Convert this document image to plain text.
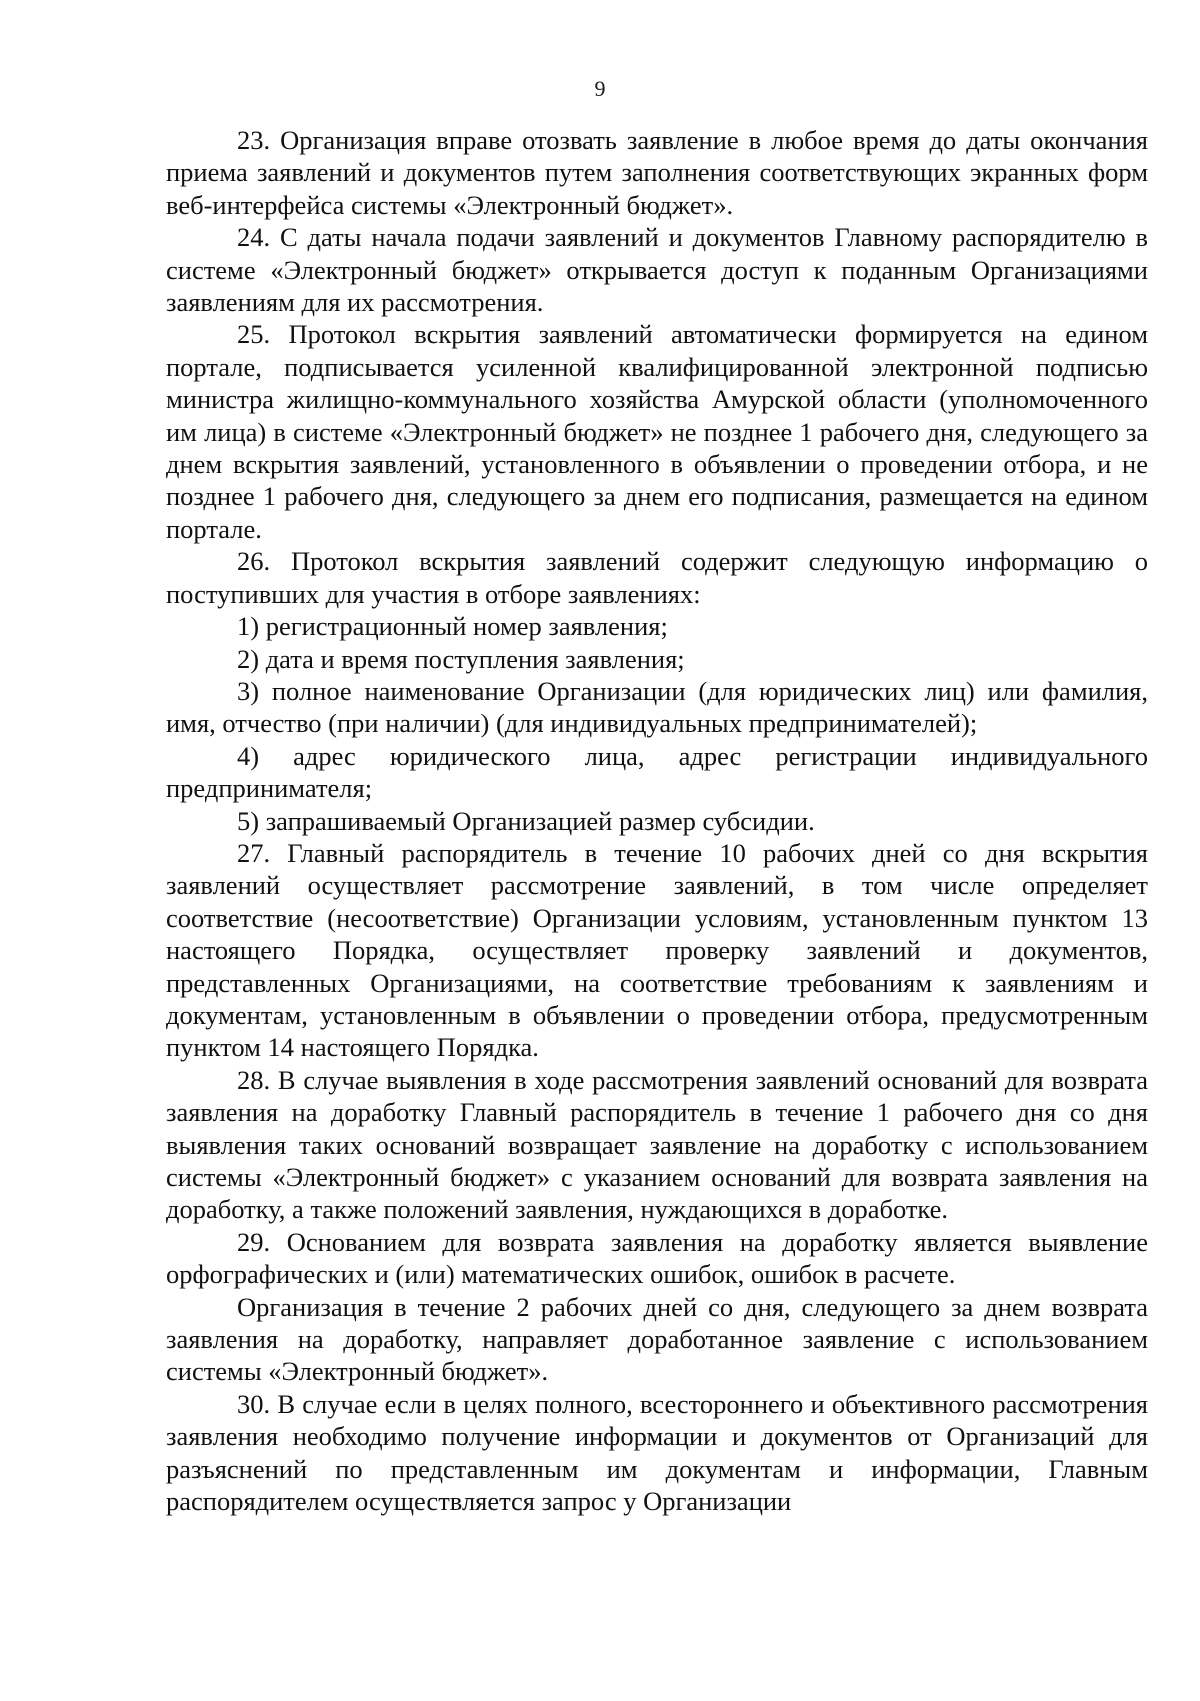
9

23. Организация вправе отозвать заявление в любое время до даты окончания приема заявлений и документов путем заполнения соответствующих экранных форм веб-интерфейса системы «Электронный бюджет».

24. С даты начала подачи заявлений и документов Главному распорядителю в системе «Электронный бюджет» открывается доступ к поданным Организациями заявлениям для их рассмотрения.

25. Протокол вскрытия заявлений автоматически формируется на едином портале, подписывается усиленной квалифицированной электронной подписью министра жилищно-коммунального хозяйства Амурской области (уполномоченного им лица) в системе «Электронный бюджет» не позднее 1 рабочего дня, следующего за днем вскрытия заявлений, установленного в объявлении о проведении отбора, и не позднее 1 рабочего дня, следующего за днем его подписания, размещается на едином портале.

26. Протокол вскрытия заявлений содержит следующую информацию о поступивших для участия в отборе заявлениях:

1) регистрационный номер заявления;

2) дата и время поступления заявления;

3) полное наименование Организации (для юридических лиц) или фамилия, имя, отчество (при наличии) (для индивидуальных предпринимателей);

4) адрес юридического лица, адрес регистрации индивидуального предпринимателя;

5) запрашиваемый Организацией размер субсидии.

27. Главный распорядитель в течение 10 рабочих дней со дня вскрытия заявлений осуществляет рассмотрение заявлений, в том числе определяет соответствие (несоответствие) Организации условиям, установленным пунктом 13 настоящего Порядка, осуществляет проверку заявлений и документов, представленных Организациями, на соответствие требованиям к заявлениям и документам, установленным в объявлении о проведении отбора, предусмотренным пунктом 14 настоящего Порядка.

28. В случае выявления в ходе рассмотрения заявлений оснований для возврата заявления на доработку Главный распорядитель в течение 1 рабочего дня со дня выявления таких оснований возвращает заявление на доработку с использованием системы «Электронный бюджет» с указанием оснований для возврата заявления на доработку, а также положений заявления, нуждающихся в доработке.

29. Основанием для возврата заявления на доработку является выявление орфографических и (или) математических ошибок, ошибок в расчете.

Организация в течение 2 рабочих дней со дня, следующего за днем возврата заявления на доработку, направляет доработанное заявление с использованием системы «Электронный бюджет».

30. В случае если в целях полного, всестороннего и объективного рассмотрения заявления необходимо получение информации и документов от Организаций для разъяснений по представленным им документам и информации, Главным распорядителем осуществляется запрос у Организации
